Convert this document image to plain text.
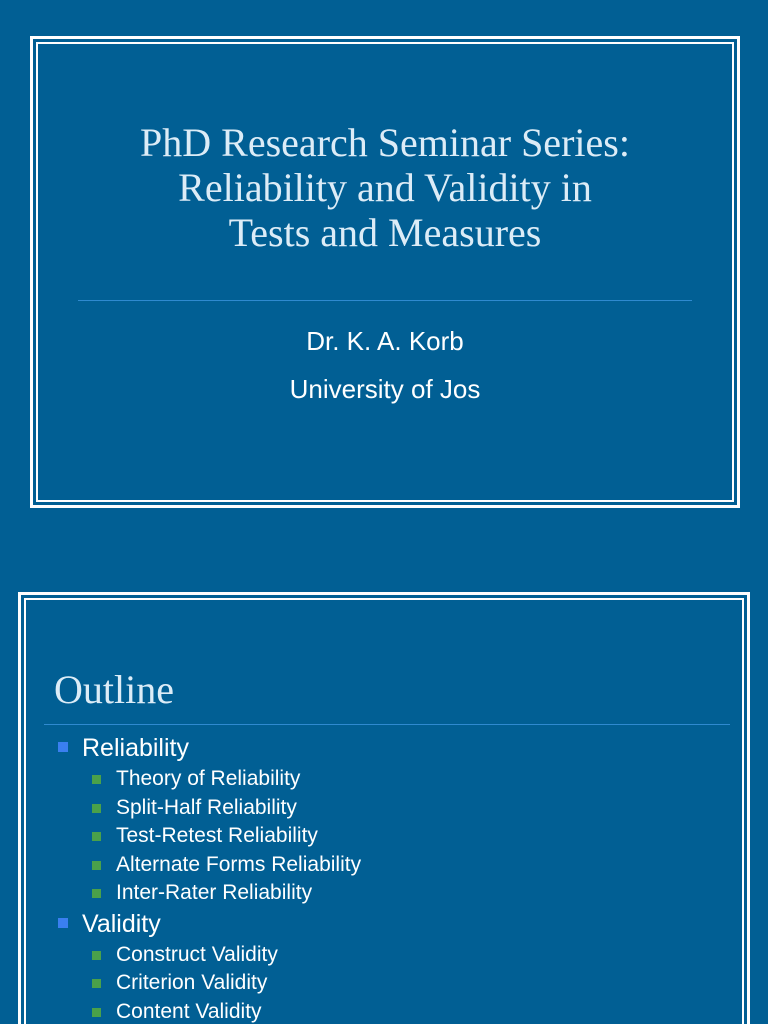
PhD Research Seminar Series:
Reliability and Validity in
Tests and Measures
Dr. K. A. Korb
University of Jos
Outline
Reliability
Theory of Reliability
Split-Half Reliability
Test-Retest Reliability
Alternate Forms Reliability
Inter-Rater Reliability
Validity
Construct Validity
Criterion Validity
Content Validity
